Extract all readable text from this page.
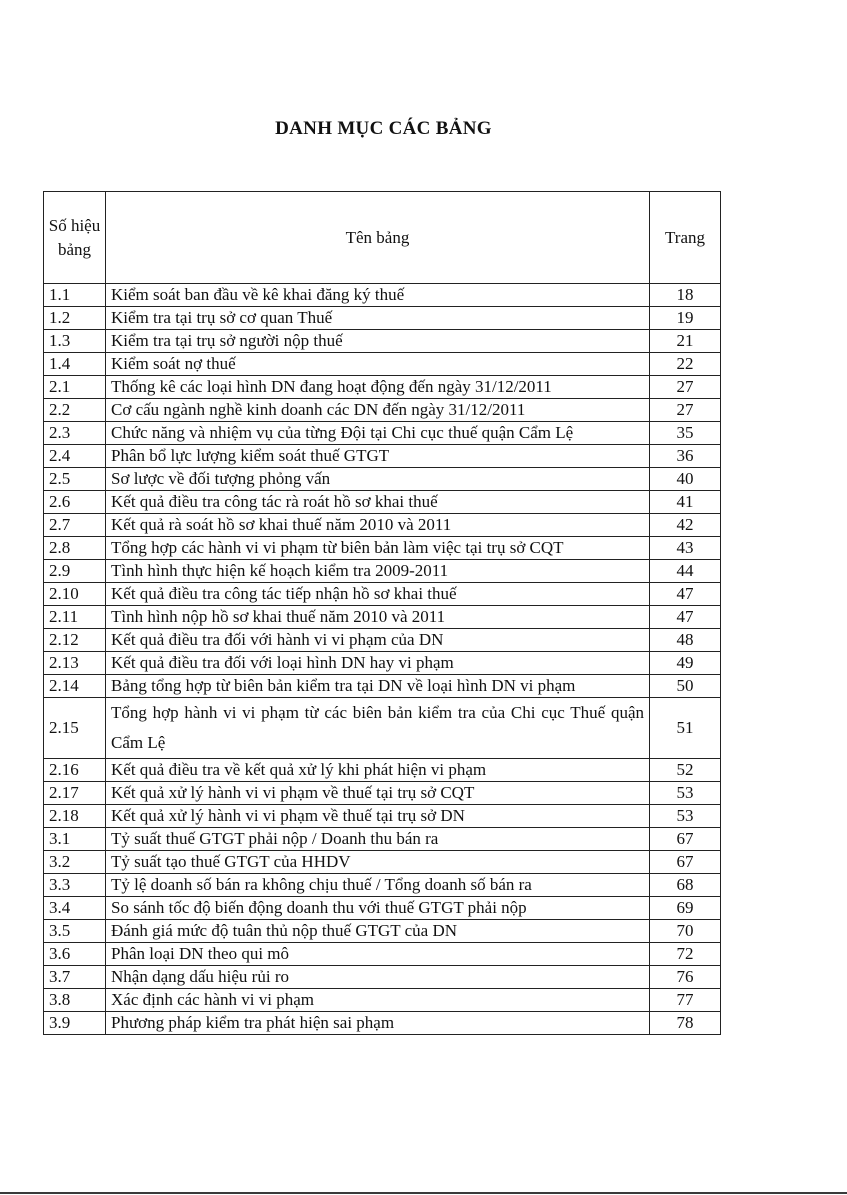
DANH MỤC CÁC BẢNG
Số hiệu bảng	Tên bảng	Trang
1.1	Kiểm soát ban đầu về kê khai đăng ký thuế	18
1.2	Kiểm tra tại trụ sở cơ quan Thuế	19
1.3	Kiểm tra tại trụ sở người nộp thuế	21
1.4	Kiểm soát nợ thuế	22
2.1	Thống kê các loại hình DN đang hoạt động đến ngày 31/12/2011	27
2.2	Cơ cấu ngành nghề kinh doanh các DN đến ngày 31/12/2011	27
2.3	Chức năng và nhiệm vụ của từng Đội tại Chi cục thuế quận Cẩm Lệ	35
2.4	Phân bổ lực lượng kiểm soát thuế GTGT	36
2.5	Sơ lược về đối tượng phỏng vấn	40
2.6	Kết quả điều tra công tác rà roát hồ sơ khai thuế	41
2.7	Kết quả rà soát hồ sơ khai thuế năm 2010 và 2011	42
2.8	Tổng hợp các hành vi vi phạm từ biên bản làm việc tại trụ sở CQT	43
2.9	Tình hình thực hiện kế hoạch kiểm tra 2009-2011	44
2.10	Kết quả điều tra công tác tiếp nhận hồ sơ khai thuế	47
2.11	Tình hình nộp hồ sơ khai thuế năm 2010 và 2011	47
2.12	Kết quả điều tra đối với hành vi vi phạm của DN	48
2.13	Kết quả điều tra đối với loại hình DN hay vi phạm	49
2.14	Bảng tổng hợp từ biên bản kiểm tra tại DN về loại hình DN vi phạm	50
2.15	Tổng hợp hành vi vi phạm từ các biên bản kiểm tra của Chi cục Thuế quận Cẩm Lệ	51
2.16	Kết quả điều tra về kết quả xử lý khi phát hiện vi phạm	52
2.17	Kết quả xử lý hành vi vi phạm về thuế tại trụ sở CQT	53
2.18	Kết quả xử lý hành vi vi phạm về thuế tại trụ sở DN	53
3.1	Tỷ suất thuế GTGT phải nộp / Doanh thu bán ra	67
3.2	Tỷ suất tạo thuế GTGT của HHDV	67
3.3	Tỷ lệ doanh số bán ra không chịu thuế / Tổng doanh số bán ra	68
3.4	So sánh tốc độ biến động doanh thu với thuế GTGT phải nộp	69
3.5	Đánh giá mức độ tuân thủ nộp thuế GTGT của DN	70
3.6	Phân loại DN theo qui mô	72
3.7	Nhận dạng dấu hiệu rủi ro	76
3.8	Xác định các hành vi vi phạm	77
3.9	Phương pháp kiểm tra phát hiện sai phạm	78
